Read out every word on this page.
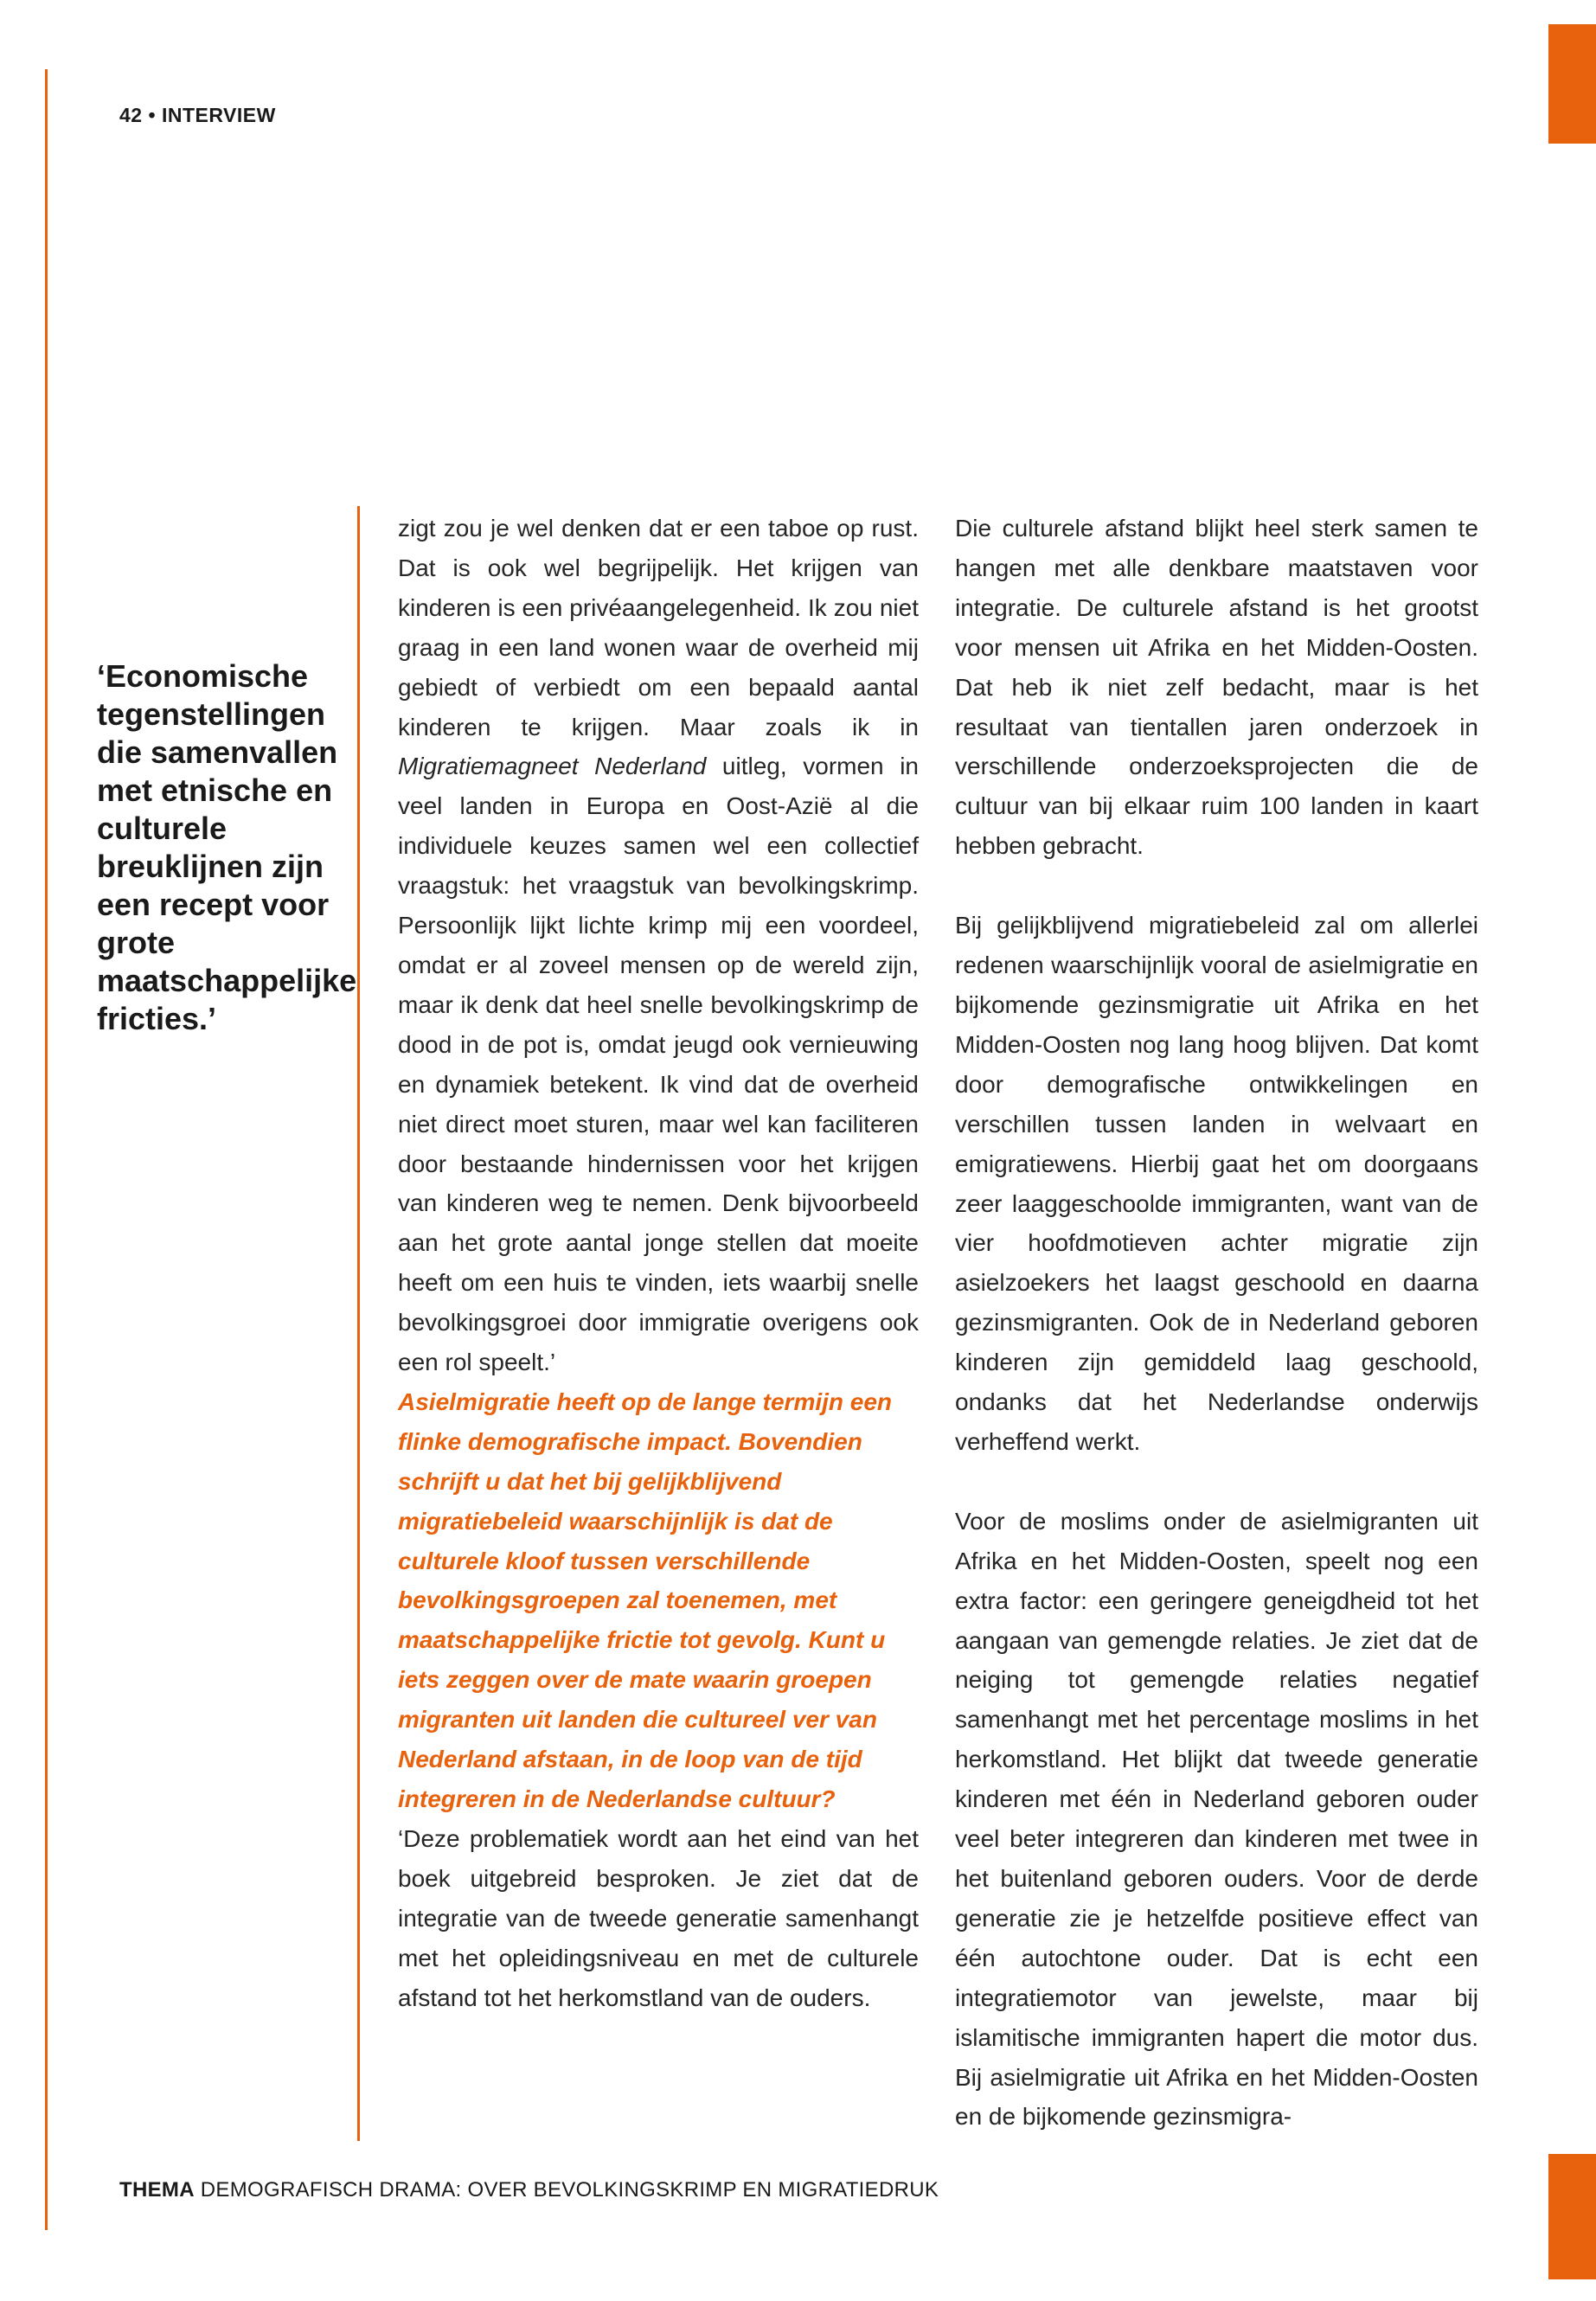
42 • INTERVIEW
‘Economische tegenstellingen die samenvallen met etnische en culturele breuklijnen zijn een recept voor grote maatschappelijke fricties.’

zigt zou je wel denken dat er een taboe op rust. Dat is ook wel begrijpelijk. Het krijgen van kinderen is een privéaangelegenheid. Ik zou niet graag in een land wonen waar de overheid mij gebiedt of verbiedt om een bepaald aantal kinderen te krijgen. Maar zoals ik in Migratiemagneet Nederland uitleg, vormen in veel landen in Europa en Oost-Azië al die individuele keuzes samen wel een collectief vraagstuk: het vraagstuk van bevolkingskrimp. Persoonlijk lijkt lichte krimp mij een voordeel, omdat er al zoveel mensen op de wereld zijn, maar ik denk dat heel snelle bevolkingskrimp de dood in de pot is, omdat jeugd ook vernieuwing en dynamiek betekent. Ik vind dat de overheid niet direct moet sturen, maar wel kan faciliteren door bestaande hindernissen voor het krijgen van kinderen weg te nemen. Denk bijvoorbeeld aan het grote aantal jonge stellen dat moeite heeft om een huis te vinden, iets waarbij snelle bevolkingsgroei door immigratie overigens ook een rol speelt.’

Asielmigratie heeft op de lange termijn een flinke demografische impact. Bovendien schrijft u dat het bij gelijkblijvend migratiebeleid waarschijnlijk is dat de culturele kloof tussen verschillende bevolkingsgroepen zal toenemen, met maatschappelijke frictie tot gevolg. Kunt u iets zeggen over de mate waarin groepen migranten uit landen die cultureel ver van Nederland afstaan, in de loop van de tijd integreren in de Nederlandse cultuur?

‘Deze problematiek wordt aan het eind van het boek uitgebreid besproken. Je ziet dat de integratie van de tweede generatie samenhangt met het opleidingsniveau en met de culturele afstand tot het herkomstland van de ouders.

Die culturele afstand blijkt heel sterk samen te hangen met alle denkbare maatstaven voor integratie. De culturele afstand is het grootst voor mensen uit Afrika en het Midden-Oosten. Dat heb ik niet zelf bedacht, maar is het resultaat van tientallen jaren onderzoek in verschillende onderzoeksprojecten die de cultuur van bij elkaar ruim 100 landen in kaart hebben gebracht.

Bij gelijkblijvend migratiebeleid zal om allerlei redenen waarschijnlijk vooral de asielmigratie en bijkomende gezinsmigratie uit Afrika en het Midden-Oosten nog lang hoog blijven. Dat komt door demografische ontwikkelingen en verschillen tussen landen in welvaart en emigratiewens. Hierbij gaat het om doorgaans zeer laaggeschoolde immigranten, want van de vier hoofdmotieven achter migratie zijn asielzoekers het laagst geschoold en daarna gezinsmigranten. Ook de in Nederland geboren kinderen zijn gemiddeld laag geschoold, ondanks dat het Nederlandse onderwijs verheffend werkt.

Voor de moslims onder de asielmigranten uit Afrika en het Midden-Oosten, speelt nog een extra factor: een geringere geneigdheid tot het aangaan van gemengde relaties. Je ziet dat de neiging tot gemengde relaties negatief samenhangt met het percentage moslims in het herkomstland. Het blijkt dat tweede generatie kinderen met één in Nederland geboren ouder veel beter integreren dan kinderen met twee in het buitenland geboren ouders. Voor de derde generatie zie je hetzelfde positieve effect van één autochtone ouder. Dat is echt een integratiemotor van jewelste, maar bij islamitische immigranten hapert die motor dus. Bij asielmigratie uit Afrika en het Midden-Oosten en de bijkomende gezinsmigra-

THEMA DEMOGRAFISCH DRAMA: OVER BEVOLKINGSKRIMP EN MIGRATIEDRUK
